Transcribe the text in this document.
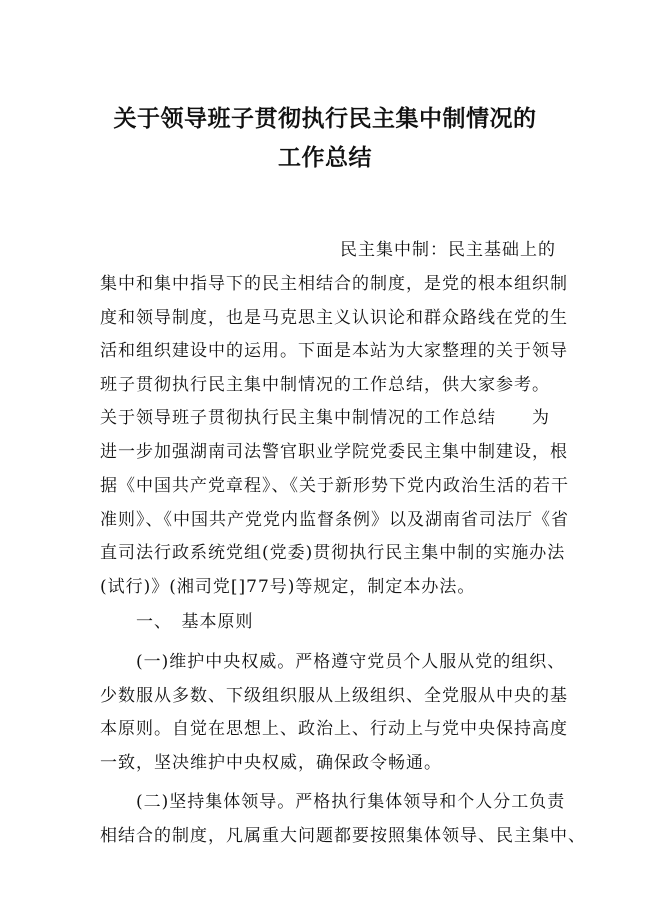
关于领导班子贯彻执行民主集中制情况的
工作总结
民主集中制：民主基础上的
集中和集中指导下的民主相结合的制度，是党的根本组织制
度和领导制度，也是马克思主义认识论和群众路线在党的生
活和组织建设中的运用。下面是本站为大家整理的关于领导
班子贯彻执行民主集中制情况的工作总结，供大家参考。
关于领导班子贯彻执行民主集中制情况的工作总结　　为
进一步加强湖南司法警官职业学院党委民主集中制建设，根
据《中国共产党章程》、《关于新形势下党内政治生活的若干
准则》、《中国共产党党内监督条例》以及湖南省司法厅《省
直司法行政系统党组(党委)贯彻执行民主集中制的实施办法
(试行)》(湘司党[]77号)等规定，制定本办法。
一、　基本原则
(一)维护中央权威。严格遵守党员个人服从党的组织、
少数服从多数、下级组织服从上级组织、全党服从中央的基
本原则。自觉在思想上、政治上、行动上与党中央保持高度
一致，坚决维护中央权威，确保政令畅通。
(二)坚持集体领导。严格执行集体领导和个人分工负责
相结合的制度，凡属重大问题都要按照集体领导、民主集中、
